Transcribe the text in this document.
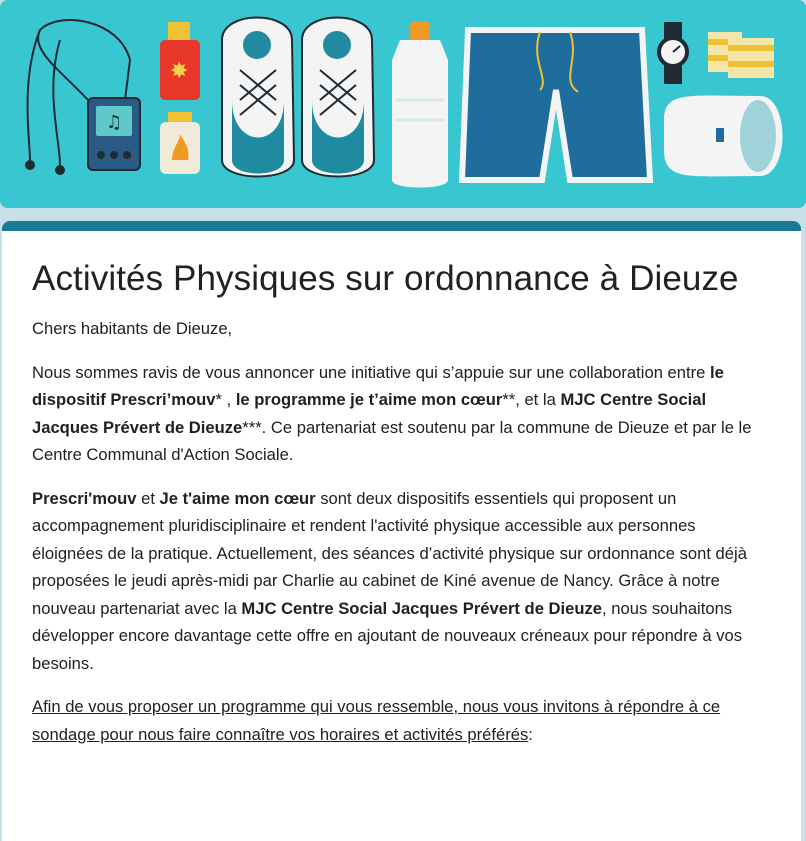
♫
✸
Activités Physiques sur ordonnance à Dieuze

Chers habitants de Dieuze,

Nous sommes ravis de vous annoncer une initiative qui s’appuie sur une collaboration entre le dispositif Prescri’mouv* , le programme je t’aime mon cœur**, et la MJC Centre Social Jacques Prévert de Dieuze***. Ce partenariat est soutenu par la commune de Dieuze et par le le Centre Communal d'Action Sociale.

Prescri'mouv et Je t'aime mon cœur sont deux dispositifs essentiels qui proposent un accompagnement pluridisciplinaire et rendent l'activité physique accessible aux personnes éloignées de la pratique. Actuellement, des séances d’activité physique sur ordonnance sont déjà proposées le jeudi après-midi par Charlie au cabinet de Kiné avenue de Nancy. Grâce à notre nouveau partenariat avec la MJC Centre Social Jacques Prévert de Dieuze, nous souhaitons développer encore davantage cette offre en ajoutant de nouveaux créneaux pour répondre à vos besoins.

Afin de vous proposer un programme qui vous ressemble, nous vous invitons à répondre à ce sondage pour nous faire connaître vos horaires et activités préférés:
